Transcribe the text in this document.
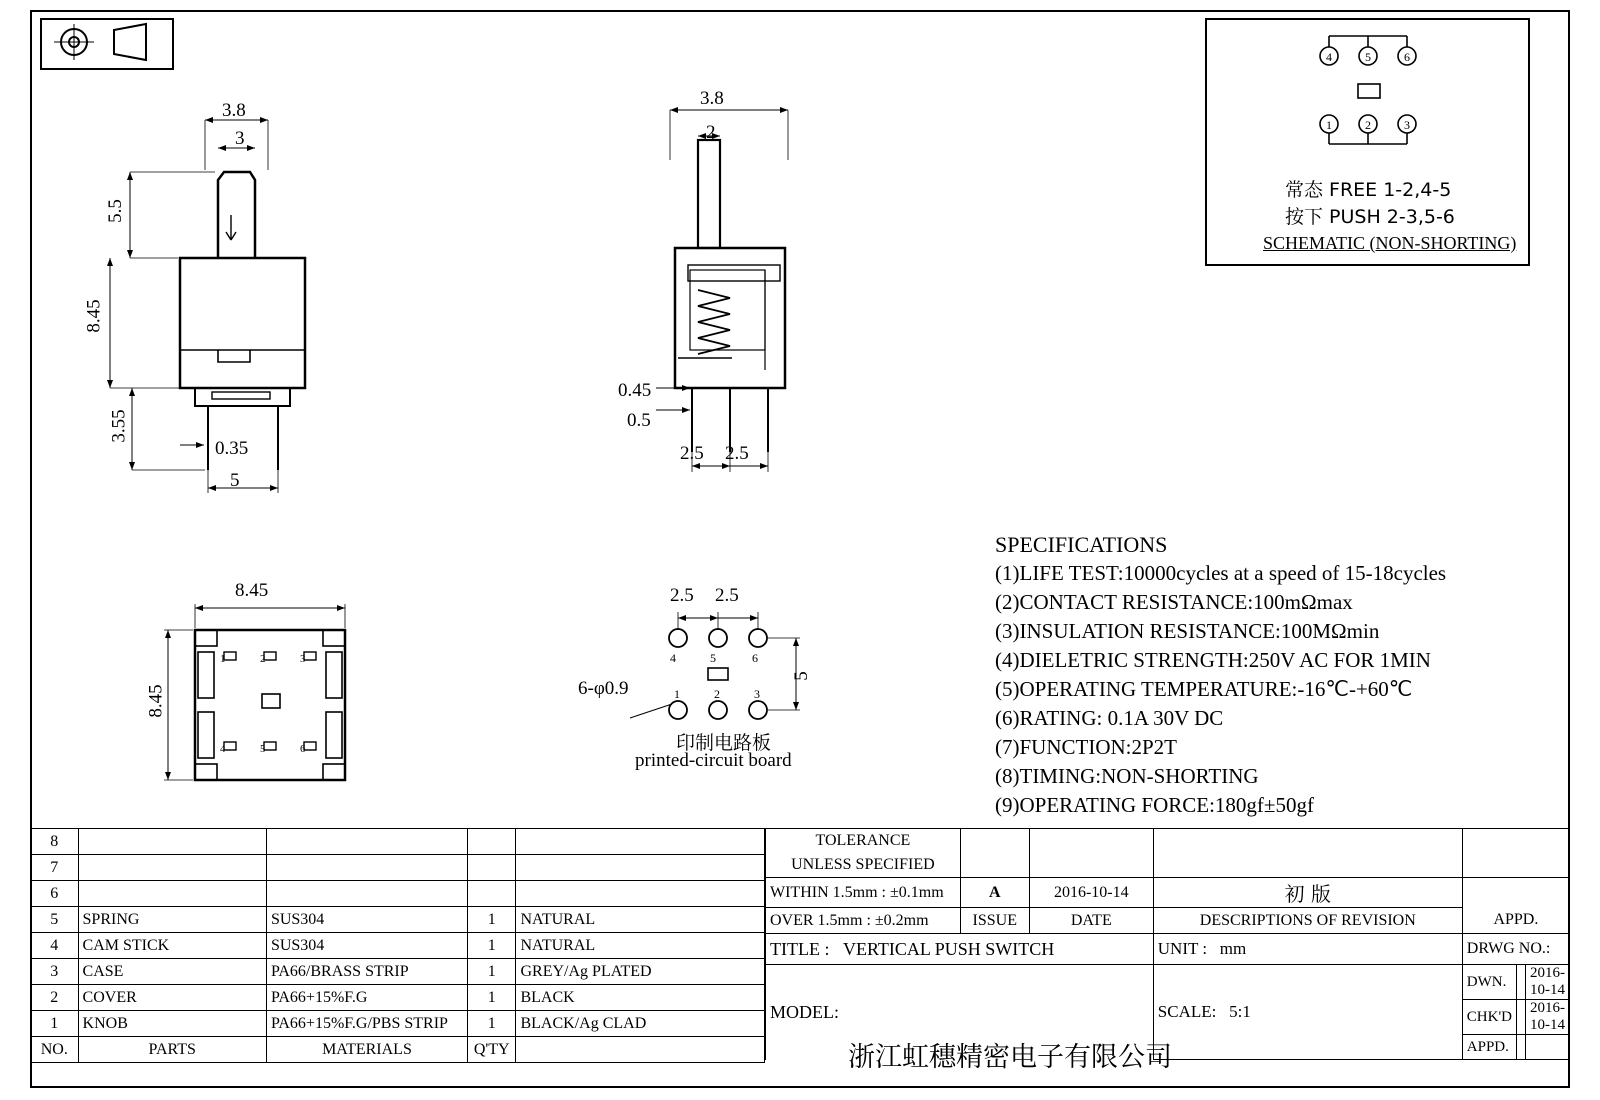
4	5	6
1	2	3
常态 FREE 1-2,4-5
按下 PUSH 2-3,5-6
SCHEMATIC (NON-SHORTING)
3.8
3
5.5
8.45
3.55
0.35
5
3.8
2
0.45
0.5
2.5 2.5
1	2	3
4	5	6
8.45
8.45
4	5	6
1	2	3
2.5 2.5
5
6-φ0.9
印制电路板
printed-circuit board
SPECIFICATIONS
(1)LIFE TEST:10000cycles at a speed of 15-18cycles
(2)CONTACT RESISTANCE:100mΩmax
(3)INSULATION RESISTANCE:100MΩmin
(4)DIELETRIC STRENGTH:250V AC FOR 1MIN
(5)OPERATING TEMPERATURE:-16℃-+60℃
(6)RATING: 0.1A 30V DC
(7)FUNCTION:2P2T
(8)TIMING:NON-SHORTING
(9)OPERATING FORCE:180gf±50gf
8				
7				
6				
5	SPRING	SUS304	1	NATURAL
4	CAM STICK	SUS304	1	NATURAL
3	CASE	PA66/BRASS STRIP	1	GREY/Ag PLATED
2	COVER	PA66+15%F.G	1	BLACK
1	KNOB	PA66+15%F.G/PBS STRIP	1	BLACK/Ag CLAD
NO.	PARTS	MATERIALS	Q'TY	
TOLERANCE				
UNLESS SPECIFIED				
WITHIN 1.5mm : ±0.1mm	A	2016-10-14	初 版	
OVER 1.5mm : ±0.2mm	ISSUE	DATE	DESCRIPTIONS OF REVISION	APPD.
TITLE : VERTICAL PUSH SWITCH	UNIT : mm	DRWG NO.:
MODEL:	SCALE: 5:1	
DWN.		2016-10-14
CHK'D		2016-10-14
APPD.		
浙江虹穗精密电子有限公司
